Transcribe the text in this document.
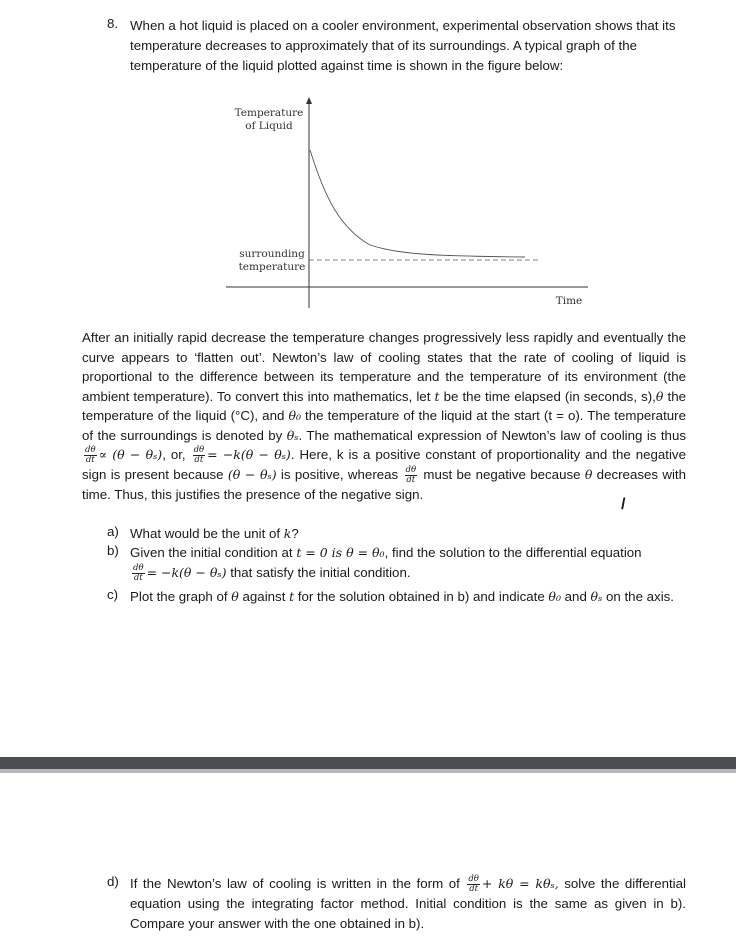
8. When a hot liquid is placed on a cooler environment, experimental observation shows that its temperature decreases to approximately that of its surroundings. A typical graph of the temperature of the liquid plotted against time is shown in the figure below:
Temperature
of Liquid
surrounding
temperature
Time
After an initially rapid decrease the temperature changes progressively less rapidly and eventually the curve appears to ‘flatten out’. Newton’s law of cooling states that the rate of cooling of liquid is proportional to the difference between its temperature and the temperature of its environment (the ambient temperature). To convert this into mathematics, let t be the time elapsed (in seconds, s),θ the temperature of the liquid (°C), and θ₀ the temperature of the liquid at the start (t = o). The temperature of the surroundings is denoted by θₛ. The mathematical expression of Newton’s law of cooling is thus
$\frac{d\theta}{dt} \propto (\theta - \theta_s)$, or, $\frac{d\theta}{dt} = -k(\theta - \theta_s)$. Here, k is a positive constant of proportionality and the negative sign is present because (θ − θₛ) is positive, whereas $\frac{d\theta}{dt}$ must be negative because θ decreases with time. Thus, this justifies the presence of the negative sign.
\
a) What would be the unit of k?
b) Given the initial condition at t = 0 is θ = θ₀, find the solution to the differential equation

$\frac{d\theta}{dt} = -k(\theta - \theta_s)$ that satisfy the initial condition.
c) Plot the graph of θ against t for the solution obtained in b) and indicate θ₀ and θₛ on the axis.
d) If the Newton’s law of cooling is written in the form of $\frac{d\theta}{dt} + k\theta = k\theta_s$, solve the differential equation using the integrating factor method. Initial condition is the same as given in b). Compare your answer with the one obtained in b).
